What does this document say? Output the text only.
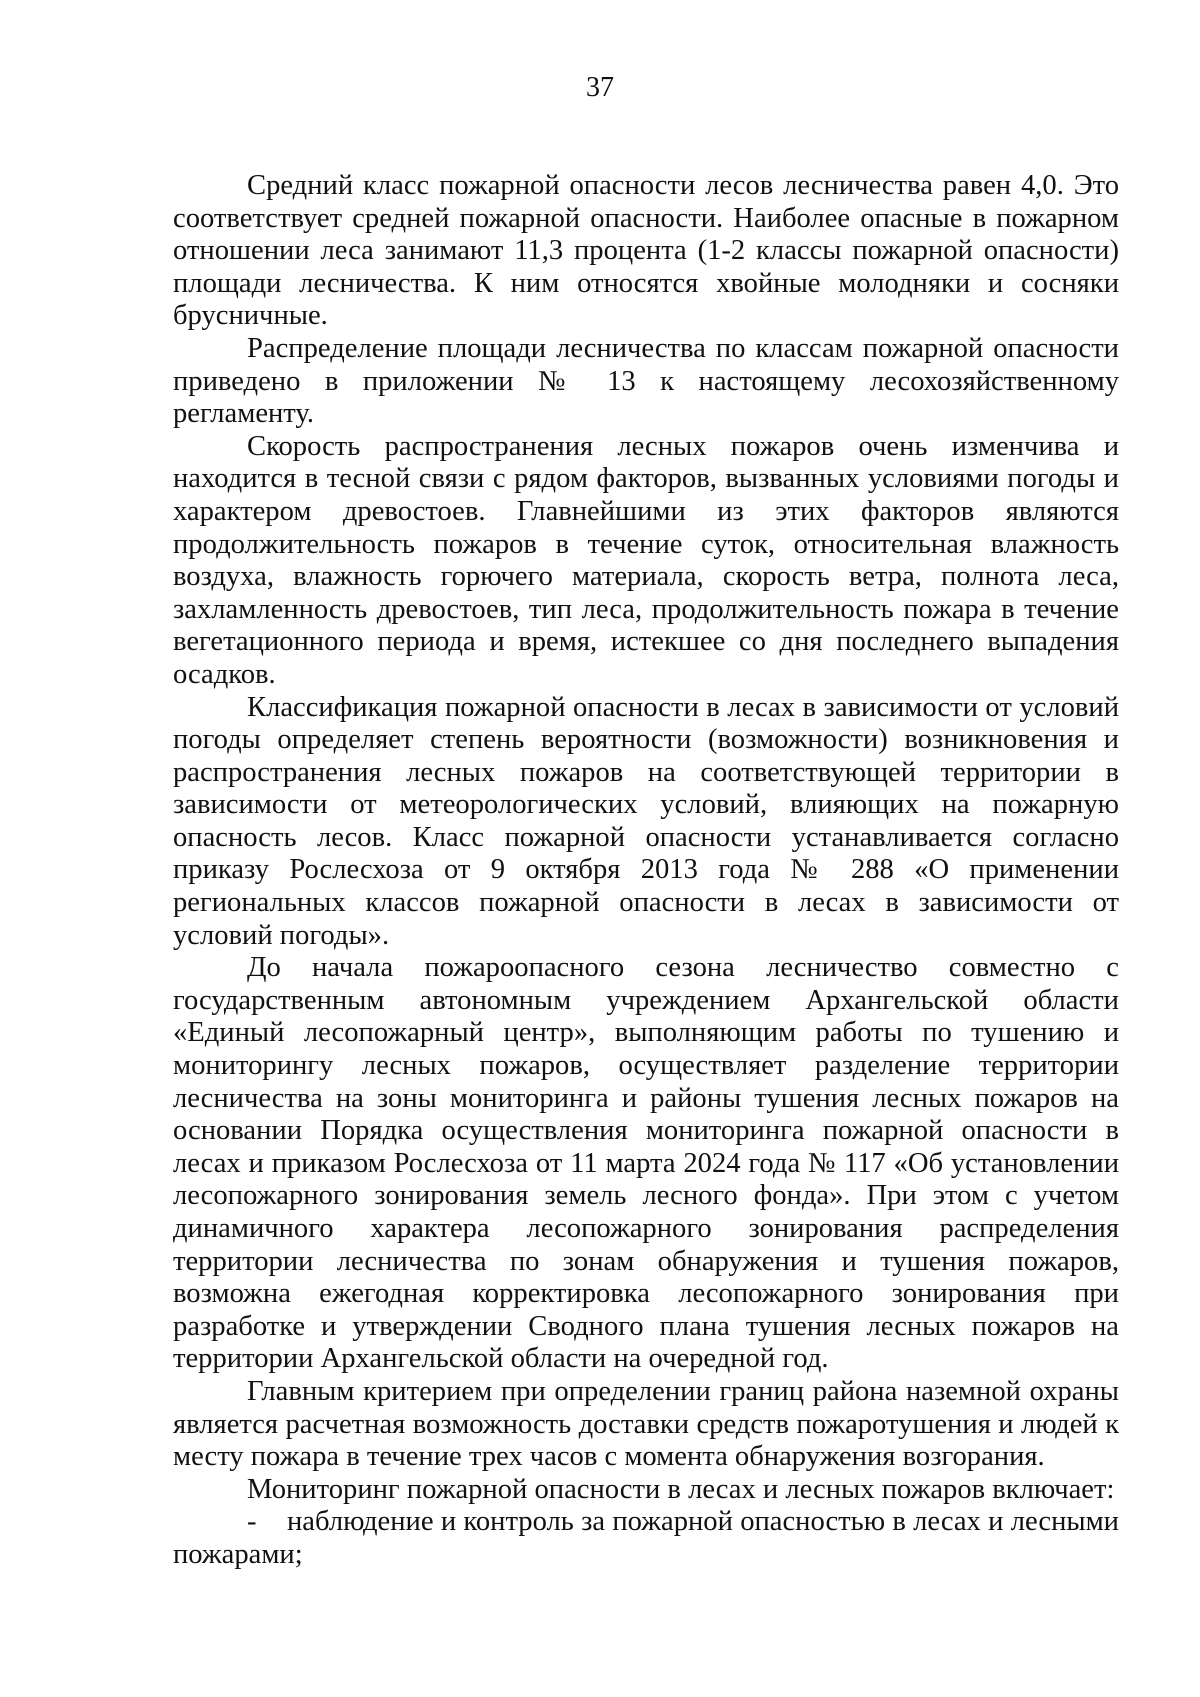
37

Средний класс пожарной опасности лесов лесничества равен 4,0. Это соответствует средней пожарной опасности. Наиболее опасные в пожарном отношении леса занимают 11,3 процента (1-2 классы пожарной опасности) площади лесничества. К ним относятся хвойные молодняки и сосняки брусничные.

Распределение площади лесничества по классам пожарной опасности приведено в приложении № 13 к настоящему лесохозяйственному регламенту.

Скорость распространения лесных пожаров очень изменчива и находится в тесной связи с рядом факторов, вызванных условиями погоды и характером древостоев. Главнейшими из этих факторов являются продолжительность пожаров в течение суток, относительная влажность воздуха, влажность горючего материала, скорость ветра, полнота леса, захламленность древостоев, тип леса, продолжительность пожара в течение вегетационного периода и время, истекшее со дня последнего выпадения осадков.

Классификация пожарной опасности в лесах в зависимости от условий погоды определяет степень вероятности (возможности) возникновения и распространения лесных пожаров на соответствующей территории в зависимости от метеорологических условий, влияющих на пожарную опасность лесов. Класс пожарной опасности устанавливается согласно приказу Рослесхоза от 9 октября 2013 года № 288 «О применении региональных классов пожарной опасности в лесах в зависимости от условий погоды».

До начала пожароопасного сезона лесничество совместно с государственным автономным учреждением Архангельской области «Единый лесопожарный центр», выполняющим работы по тушению и мониторингу лесных пожаров, осуществляет разделение территории лесничества на зоны мониторинга и районы тушения лесных пожаров на основании Порядка осуществления мониторинга пожарной опасности в лесах и приказом Рослесхоза от 11 марта 2024 года № 117 «Об установлении лесопожарного зонирования земель лесного фонда». При этом с учетом динамичного характера лесопожарного зонирования распределения территории лесничества по зонам обнаружения и тушения пожаров, возможна ежегодная корректировка лесопожарного зонирования при разработке и утверждении Сводного плана тушения лесных пожаров на территории Архангельской области на очередной год.

Главным критерием при определении границ района наземной охраны является расчетная возможность доставки средств пожаротушения и людей к месту пожара в течение трех часов с момента обнаружения возгорания.

Мониторинг пожарной опасности в лесах и лесных пожаров включает:

- наблюдение и контроль за пожарной опасностью в лесах и лесными пожарами;
